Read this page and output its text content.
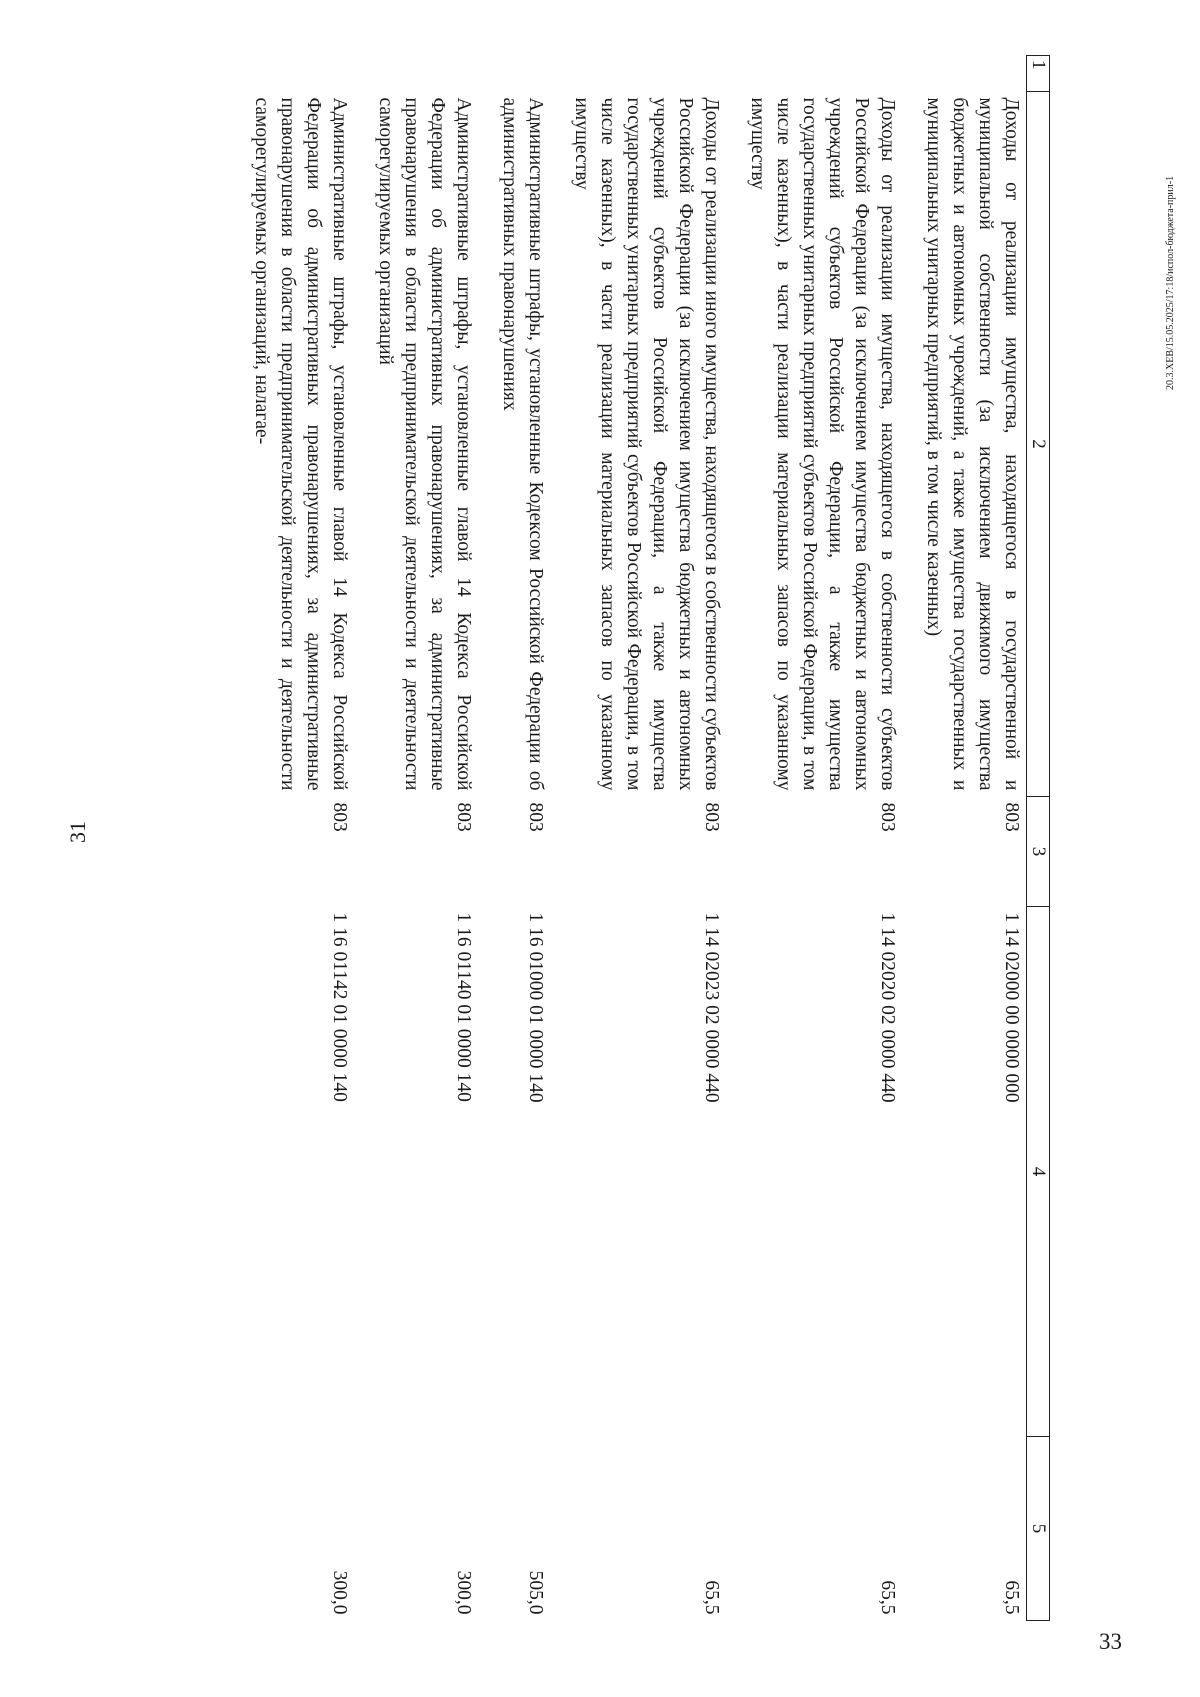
31
1	2	3	4	5
	Доходы от реализации имущества, находящегося в государственной и муниципальной собственности (за исключением движимого имущества бюджетных и автономных учреждений, а также имущества государственных и муниципальных унитарных предприятий, в том числе казенных)	803	1 14 02000 00 0000 000	65,5
	Доходы от реализации имущества, находящегося в собственности субъектов Российской Федерации (за исключением имущества бюджетных и автономных учреждений субъектов Российской Федерации, а также имущества государственных унитарных предприятий субъектов Российской Федерации, в том числе казенных), в части реализации материальных запасов по указанному имуществу	803	1 14 02020 02 0000 440	65,5
	Доходы от реализации иного имущества, находящегося в собственности субъектов Российской Федерации (за исключением имущества бюджетных и автономных учреждений субъектов Российской Федерации, а также имущества государственных унитарных предприятий субъектов Российской Федерации, в том числе казенных), в части реализации материальных запасов по указанному имуществу	803	1 14 02023 02 0000 440	65,5
	Административные штрафы, установленные Кодексом Российской Федерации об административных правонарушениях	803	1 16 01000 01 0000 140	505,0
	Административные штрафы, установленные главой 14 Кодекса Российской Федерации об административных правонарушениях, за административные правонарушения в области предпринимательской деятельности и деятельности саморегулируемых организаций	803	1 16 01140 01 0000 140	300,0
	Административные штрафы, установленные главой 14 Кодекса Российской Федерации об административных правонарушениях, за административные правонарушения в области предпринимательской деятельности и деятельности саморегулируемых организаций, налагае-	803	1 16 01142 01 0000 140	300,0
20.3.XEB/15.05.2025/17:18/испол-бюджета-прил-1
33
